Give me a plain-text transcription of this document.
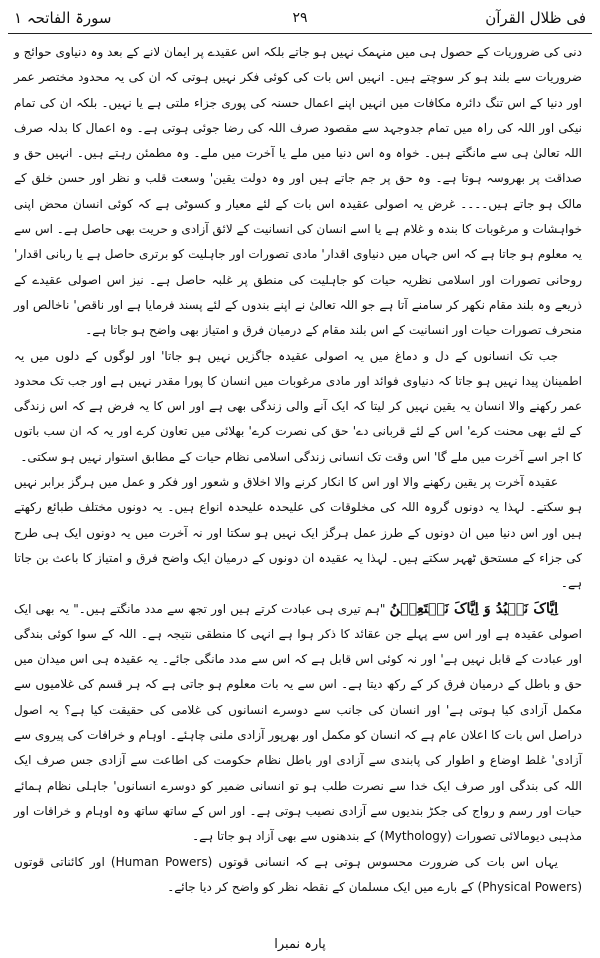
فی ظلال القرآن
۲۹
سورۃ الفاتحہ ۱

دنی کی ضروریات کے حصول ہی میں منہمک نہیں ہو جاتے بلکہ اس عقیدے پر ایمان لانے کے بعد وہ دنیاوی حوائج و ضروریات سے بلند ہو کر سوچتے ہیں۔ انہیں اس بات کی کوئی فکر نہیں ہوتی کہ ان کی یہ محدود مختصر عمر اور دنیا کے اس تنگ دائرہ مکافات میں انہیں اپنے اعمال حسنہ کی پوری جزاء ملتی ہے یا نہیں۔ بلکہ ان کی تمام نیکی اور اللہ کی راہ میں تمام جدوجہد سے مقصود صرف اللہ کی رضا جوئی ہوتی ہے۔ وہ اعمال کا بدلہ صرف اللہ تعالیٰ ہی سے مانگتے ہیں۔ خواہ وہ اس دنیا میں ملے یا آخرت میں ملے۔ وہ مطمئن رہتے ہیں۔ انہیں حق و صداقت پر بھروسہ ہوتا ہے۔ وہ حق پر جم جاتے ہیں اور وہ دولت یقین' وسعت قلب و نظر اور حسن خلق کے مالک ہو جاتے ہیں۔۔۔۔ غرض یہ اصولی عقیدہ اس بات کے لئے معیار و کسوٹی ہے کہ کوئی انسان محض اپنی خواہشات و مرغوبات کا بندہ و غلام ہے یا اسے انسان کی انسانیت کے لائق آزادی و حریت بھی حاصل ہے۔ اس سے یہ معلوم ہو جاتا ہے کہ اس جہاں میں دنیاوی اقدار' مادی تصورات اور جاہلیت کو برتری حاصل ہے یا ربانی اقدار' روحانی تصورات اور اسلامی نظریہ حیات کو جاہلیت کی منطق پر غلبہ حاصل ہے۔ نیز اس اصولی عقیدے کے ذریعے وہ بلند مقام نکھر کر سامنے آتا ہے جو اللہ تعالیٰ نے اپنے بندوں کے لئے پسند فرمایا ہے اور ناقص' ناخالص اور منحرف تصورات حیات اور انسانیت کے اس بلند مقام کے درمیان فرق و امتیاز بھی واضح ہو جاتا ہے۔

جب تک انسانوں کے دل و دماغ میں یہ اصولی عقیدہ جاگزیں نہیں ہو جاتا' اور لوگوں کے دلوں میں یہ اطمینان پیدا نہیں ہو جاتا کہ دنیاوی فوائد اور مادی مرغوبات میں انسان کا پورا مقدر نہیں ہے اور جب تک محدود عمر رکھنے والا انسان یہ یقین نہیں کر لیتا کہ ایک آنے والی زندگی بھی ہے اور اس کا یہ فرض ہے کہ اس زندگی کے لئے بھی محنت کرے' اس کے لئے قربانی دے' حق کی نصرت کرے' بھلائی میں تعاون کرے اور یہ کہ ان سب باتوں کا اجر اسے آخرت میں ملے گا' اس وقت تک انسانی زندگی اسلامی نظام حیات کے مطابق استوار نہیں ہو سکتی۔

عقیدہ آخرت پر یقین رکھنے والا اور اس کا انکار کرنے والا اخلاق و شعور اور فکر و عمل میں ہرگز برابر نہیں ہو سکتے۔ لہذا یہ دونوں گروہ اللہ کی مخلوقات کی علیحدہ علیحدہ انواع ہیں۔ یہ دونوں مختلف طبائع رکھتے ہیں اور اس دنیا میں ان دونوں کے طرز عمل ہرگز ایک نہیں ہو سکتا اور نہ آخرت میں یہ دونوں ایک ہی طرح کی جزاء کے مستحق ٹھہر سکتے ہیں۔ لہذا یہ عقیدہ ان دونوں کے درمیان ایک واضح فرق و امتیاز کا باعث بن جاتا ہے۔

اِیَّاکَ نَعۡبُدُ وَ اِیَّاکَ نَسۡتَعِیۡنُ "ہم تیری ہی عبادت کرتے ہیں اور تجھ سے مدد مانگتے ہیں۔" یہ بھی ایک اصولی عقیدہ ہے اور اس سے پہلے جن عقائد کا ذکر ہوا ہے انہی کا منطقی نتیجہ ہے۔ اللہ کے سوا کوئی بندگی اور عبادت کے قابل نہیں ہے' اور نہ کوئی اس قابل ہے کہ اس سے مدد مانگی جائے۔ یہ عقیدہ ہی اس میدان میں حق و باطل کے درمیان فرق کر کے رکھ دیتا ہے۔ اس سے یہ بات معلوم ہو جاتی ہے کہ ہر قسم کی غلامیوں سے مکمل آزادی کیا ہوتی ہے' اور انسان کی جانب سے دوسرے انسانوں کی غلامی کی حقیقت کیا ہے؟ یہ اصول دراصل اس بات کا اعلان عام ہے کہ انسان کو مکمل اور بھرپور آزادی ملنی چاہئے۔ اوہام و خرافات کی پیروی سے آزادی' غلط اوضاع و اطوار کی پابندی سے آزادی اور باطل نظام حکومت کی اطاعت سے آزادی جس صرف ایک اللہ کی بندگی اور صرف ایک خدا سے نصرت طلب ہو تو انسانی ضمیر کو دوسرے انسانوں' جاہلی نظام ہمائے حیات اور رسم و رواج کی جکڑ بندیوں سے آزادی نصیب ہوتی ہے۔ اور اس کے ساتھ ساتھ وہ اوہام و خرافات اور مذہبی دیومالائی تصورات (Mythology) کے بندھنوں سے بھی آزاد ہو جاتا ہے۔

یہاں اس بات کی ضرورت محسوس ہوتی ہے کہ انسانی قوتوں (Human Powers) اور کائناتی قوتوں (Physical Powers) کے بارے میں ایک مسلمان کے نقطہ نظر کو واضح کر دیا جائے۔

پارہ نمبرا
